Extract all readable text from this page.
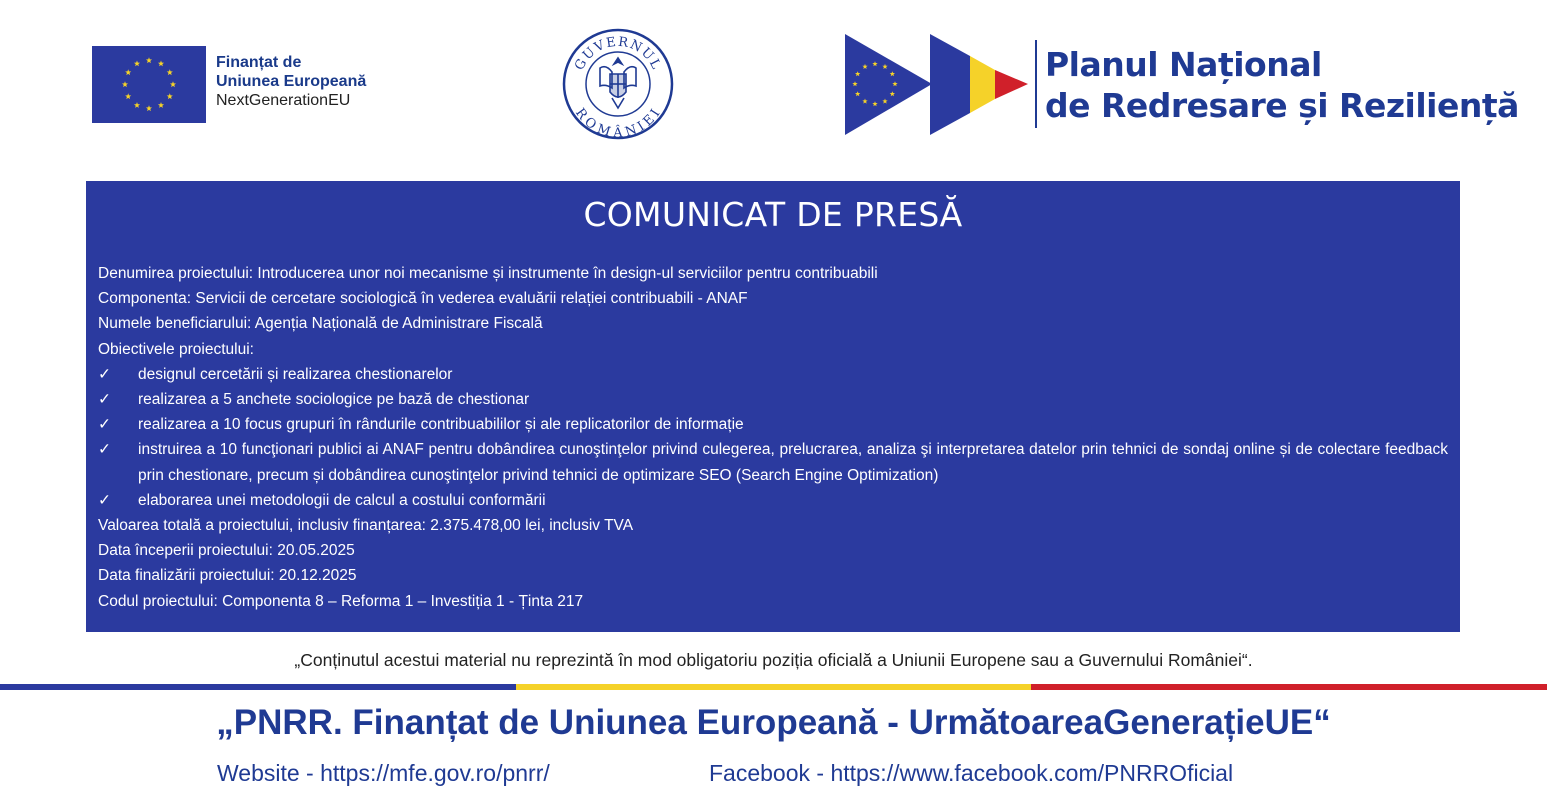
Finanțat de
Uniunea Europeană
NextGenerationEU
GUVERNUL
ROMÂNIEI
Planul Național
de Redresare și Reziliență
COMUNICAT DE PRESĂ
Denumirea proiectului: Introducerea unor noi mecanisme și instrumente în design-ul serviciilor pentru contribuabili
Componenta: Servicii de cercetare sociologică în vederea evaluării relației contribuabili - ANAF
Numele beneficiarului: Agenția Națională de Administrare Fiscală
Obiectivele proiectului:
✓	designul cercetării și realizarea chestionarelor
✓	realizarea a 5 anchete sociologice pe bază de chestionar
✓	realizarea a 10 focus grupuri în rândurile contribuabililor și ale replicatorilor de informație
✓	instruirea a 10 funcţionari publici ai ANAF pentru dobândirea cunoştinţelor privind culegerea, prelucrarea, analiza şi interpretarea datelor prin tehnici de sondaj online și de colectare feedback prin chestionare, precum și dobândirea cunoştinţelor privind tehnici de optimizare SEO (Search Engine Optimization)
✓	elaborarea unei metodologii de calcul a costului conformării
Valoarea totală a proiectului, inclusiv finanțarea: 2.375.478,00 lei, inclusiv TVA
Data începerii proiectului: 20.05.2025
Data finalizării proiectului: 20.12.2025
Codul proiectului: Componenta 8 – Reforma 1 – Investiția 1 - Ținta 217
„Conținutul acestui material nu reprezintă în mod obligatoriu poziția oficială a Uniunii Europene sau a Guvernului României“.
„PNRR. Finanțat de Uniunea Europeană - UrmătoareaGenerațieUE“
Website - https://mfe.gov.ro/pnrr/	Facebook - https://www.facebook.com/PNRROficial
